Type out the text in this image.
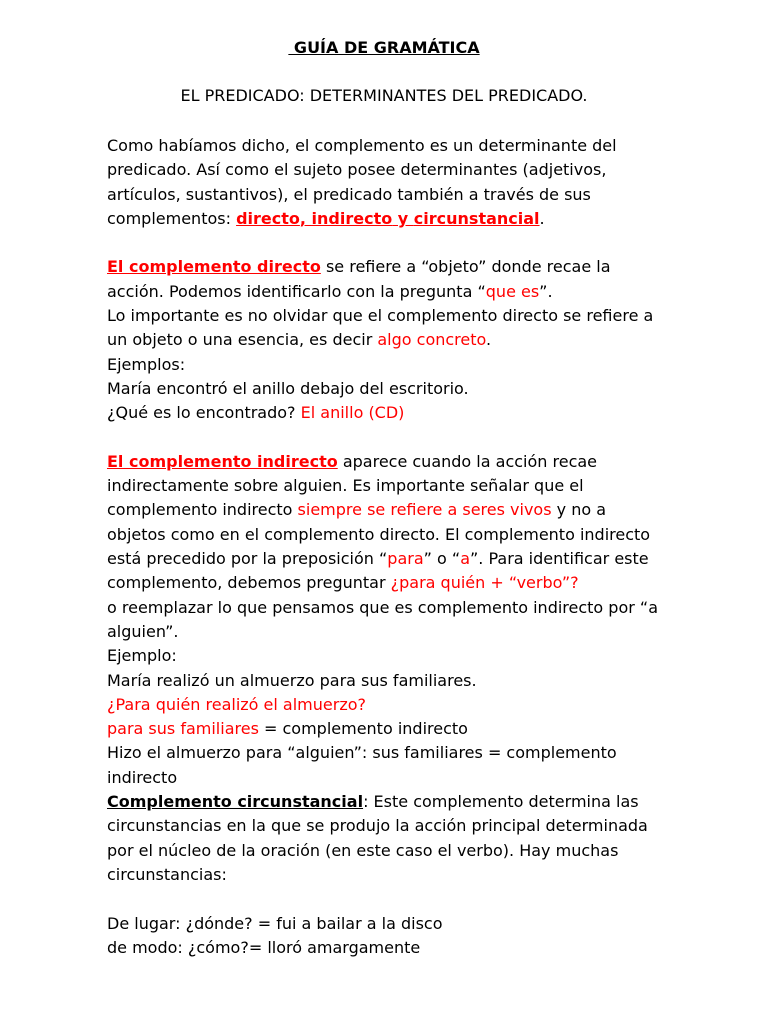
GUÍA DE GRAMÁTICA
EL PREDICADO: DETERMINANTES DEL PREDICADO.
Como habíamos dicho, el complemento es un determinante del
predicado. Así como el sujeto posee determinantes (adjetivos,
artículos, sustantivos), el predicado también a través de sus
complementos: directo, indirecto y circunstancial.
El complemento directo se refiere a “objeto” donde recae la
acción. Podemos identificarlo con la pregunta “que es”.
Lo importante es no olvidar que el complemento directo se refiere a
un objeto o una esencia, es decir algo concreto.
Ejemplos:
María encontró el anillo debajo del escritorio.
¿Qué es lo encontrado? El anillo (CD)
El complemento indirecto aparece cuando la acción recae
indirectamente sobre alguien. Es importante señalar que el
complemento indirecto siempre se refiere a seres vivos y no a
objetos como en el complemento directo. El complemento indirecto
está precedido por la preposición “para” o “a”. Para identificar este
complemento, debemos preguntar ¿para quién + “verbo”?
o reemplazar lo que pensamos que es complemento indirecto por “a
alguien”.
Ejemplo:
María realizó un almuerzo para sus familiares.
¿Para quién realizó el almuerzo?
para sus familiares = complemento indirecto
Hizo el almuerzo para “alguien”: sus familiares = complemento
indirecto
Complemento circunstancial: Este complemento determina las
circunstancias en la que se produjo la acción principal determinada
por el núcleo de la oración (en este caso el verbo). Hay muchas
circunstancias:
De lugar: ¿dónde? = fui a bailar a la disco
de modo: ¿cómo?= lloró amargamente
